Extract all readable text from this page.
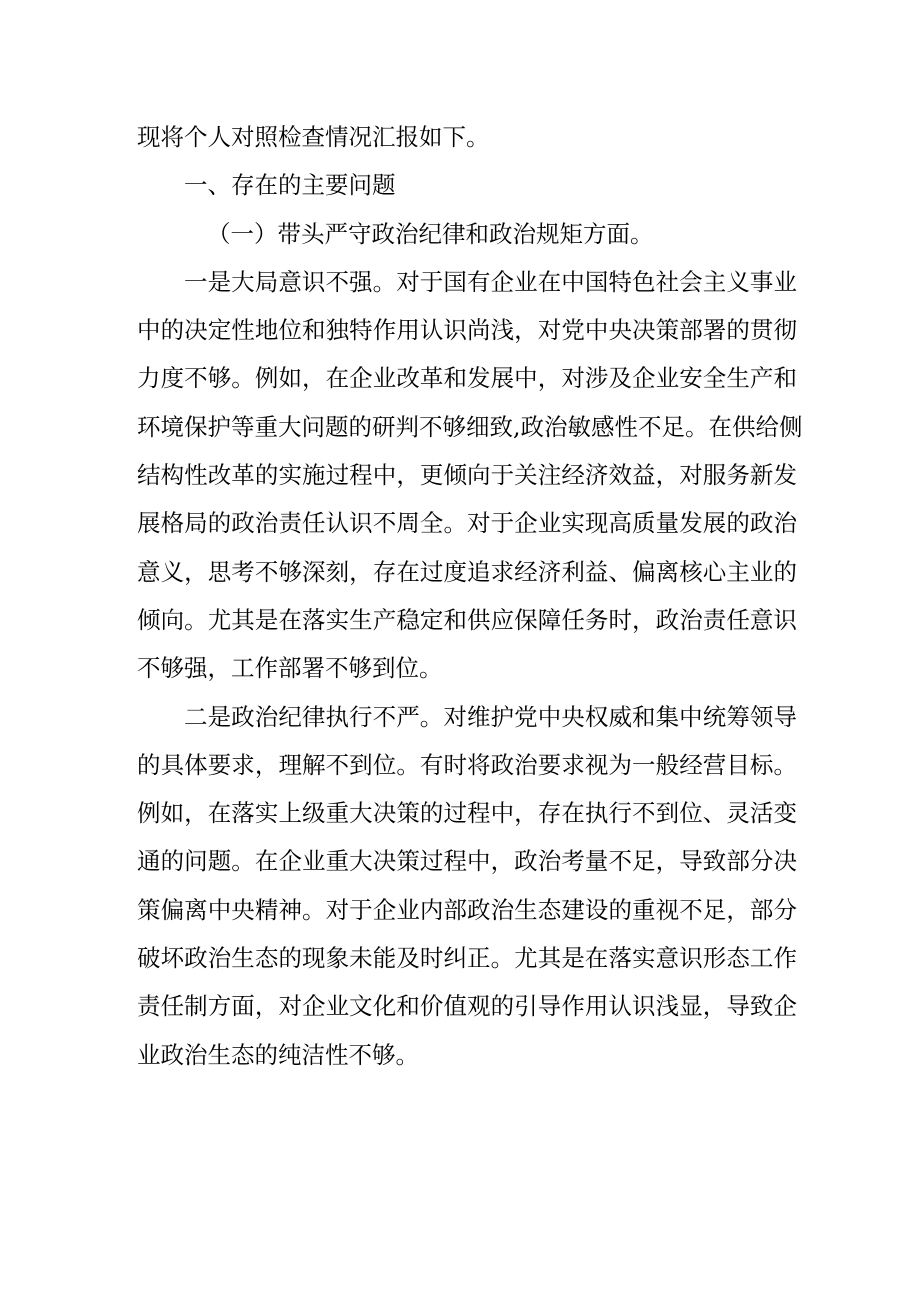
现将个人对照检查情况汇报如下。
一、存在的主要问题
（一）带头严守政治纪律和政治规矩方面。
一是大局意识不强。对于国有企业在中国特色社会主义事业
中的决定性地位和独特作用认识尚浅，对党中央决策部署的贯彻
力度不够。例如，在企业改革和发展中，对涉及企业安全生产和
环境保护等重大问题的研判不够细致,政治敏感性不足。在供给侧
结构性改革的实施过程中，更倾向于关注经济效益，对服务新发
展格局的政治责任认识不周全。对于企业实现高质量发展的政治
意义，思考不够深刻，存在过度追求经济利益、偏离核心主业的
倾向。尤其是在落实生产稳定和供应保障任务时，政治责任意识
不够强，工作部署不够到位。
二是政治纪律执行不严。对维护党中央权威和集中统筹领导
的具体要求，理解不到位。有时将政治要求视为一般经营目标。
例如，在落实上级重大决策的过程中，存在执行不到位、灵活变
通的问题。在企业重大决策过程中，政治考量不足，导致部分决
策偏离中央精神。对于企业内部政治生态建设的重视不足，部分
破坏政治生态的现象未能及时纠正。尤其是在落实意识形态工作
责任制方面，对企业文化和价值观的引导作用认识浅显，导致企
业政治生态的纯洁性不够。
